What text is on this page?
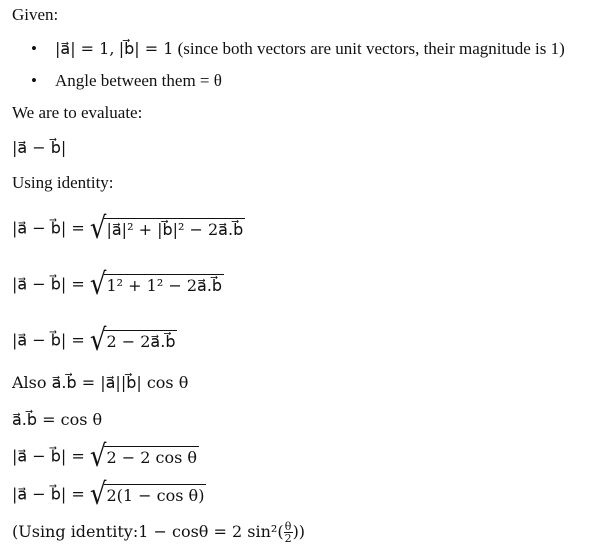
Given:
• |a⃗| = 1, |b⃗| = 1 (since both vectors are unit vectors, their magnitude is 1)
• Angle between them = θ
We are to evaluate:
|a⃗ − b⃗|
Using identity:
|a⃗ − b⃗| = √|a⃗|² + |b⃗|² − 2a⃗.b⃗
|a⃗ − b⃗| = √1² + 1² − 2a⃗.b⃗
|a⃗ − b⃗| = √2 − 2a⃗.b⃗
Also a⃗.b⃗ = |a⃗||b⃗| cos θ
a⃗.b⃗ = cos θ
|a⃗ − b⃗| = √2 − 2 cos θ
|a⃗ − b⃗| = √2(1 − cos θ)
(Using identity:1 − cosθ = 2 $\sin^2( \frac{\theta}{2}$ ))
